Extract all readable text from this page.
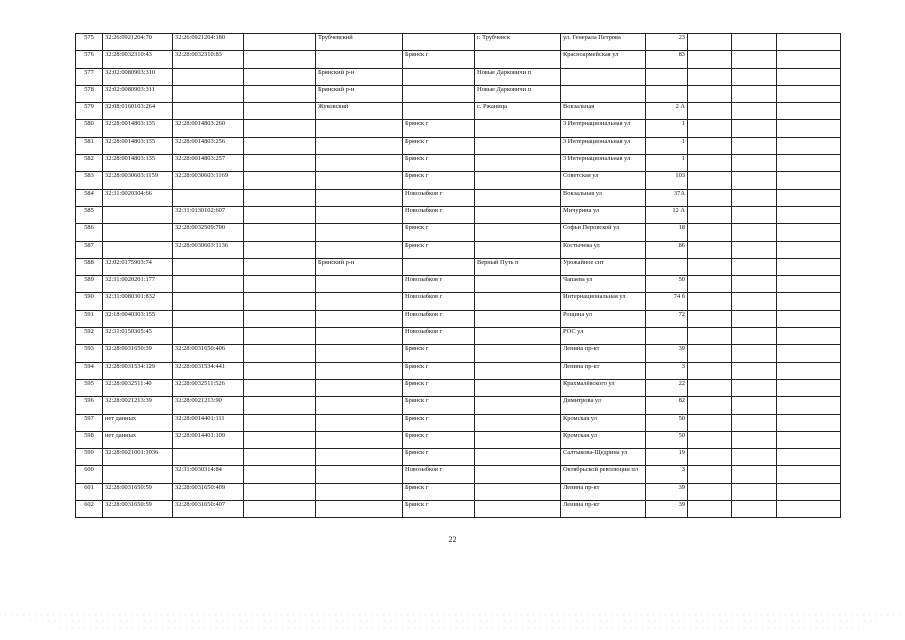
575	32:26:0921204:70	32:26:0921204:180		Трубчевский		г. Трубчевск	ул. Генерала Петрова	23			
576	32:28:0032310:43	32:28:0032310:83			Брянск г		Красноармейская ул	83			
577	32:02:0080903:310			Брянский р-н		Новые Дарковичи п					
578	32:02:0080903:311			Брянский р-н		Новые Дарковичи п					
579	32:08:0160103:264			Жуковский		с. Ржаница	Вокзальная	2 А			
580	32:28:0014803:135	32:28:0014803:260			Брянск г		3 Интернациональная ул	1			
581	32:28:0014803:135	32:28:0014803:256			Брянск г		3 Интернациональная ул	1			
582	32:28:0014803:135	32:28:0014803:257			Брянск г		3 Интернациональная ул	1			
583	32:28:0030603:1159	32:28:0030603:1169			Брянск г		Советская ул	103			
584	32:31:0020304:66				Новозыбков г		Вокзальная ул	37А			
585		32:31:0130102:607			Новозыбков г		Мичурина ул	12 А			
586		32:28:0032509:790			Брянск г		Софьи Перовской ул	18			
587		32:28:0030603:1136			Брянск г		Костычева ул	86			
588	32:02:0175903:74			Брянский р-н		Верный Путь п	Урожайное снт				
589	32:31:0020201:177				Новозыбков г		Чапаева ул	50			
590	32:31:0080301:832				Новозыбков г		Интернациональная ул	74 б			
591	32:18:0040303:155				Новозыбков г		Рощина ул	72			
592	32:31:0150305:45				Новозыбков г		РОС ул				
593	32:28:0031650:39	32:28:0031650:406			Брянск г		Ленина пр-кт	39			
594	32:28:0031534:129	32:28:0031534:441			Брянск г		Ленина пр-кт	3			
595	32:28:0032511:40	32:28:0032511:526			Брянск г		Крахмалёвского ул	22			
596	32:28:0021213:39	32:28:0021213:90			Брянск г		Димитрова ул	82			
597	нет данных	32:28:0014401:111			Брянск г		Кромская ул	50			
598	нет данных	32:28:0014401:109			Брянск г		Кромская ул	50			
599	32:28:0021001:1036				Брянск г		Салтыкова-Щедрина ул	19			
600		32:31:0030314:84			Новозыбков г		Октябрьской революции пл	3			
601	32:28:0031650:59	32:28:0031650:409			Брянск г		Ленина пр-кт	39			
602	32:28:0031650:59	32:28:0031650:407			Брянск г		Ленина пр-кт	39			
22
